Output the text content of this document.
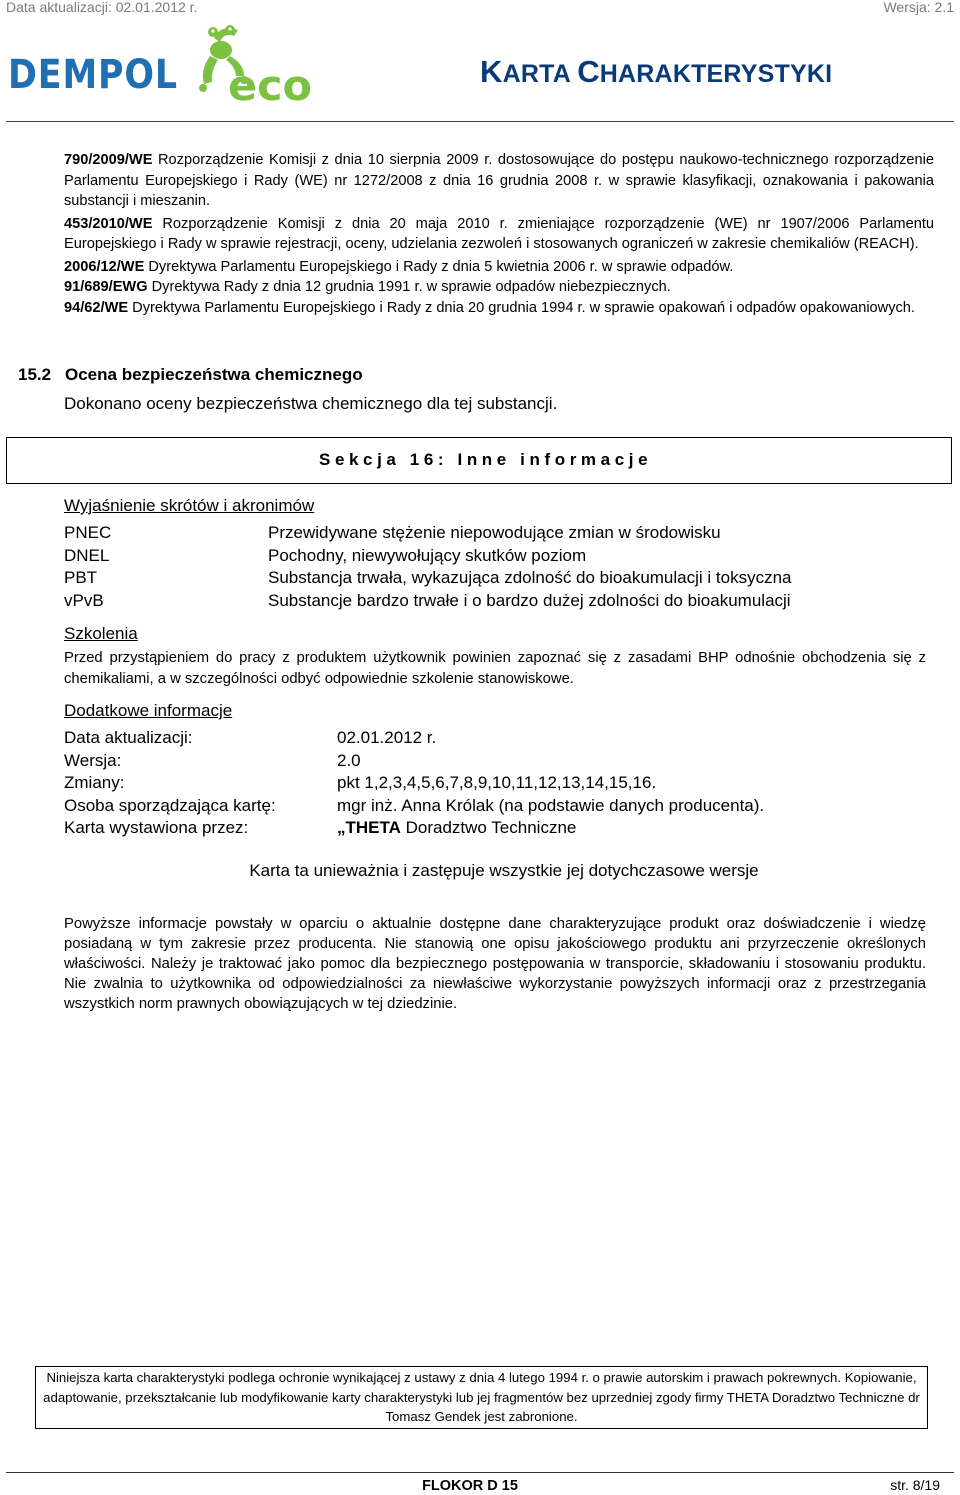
Data aktualizacji: 02.01.2012 r.	Wersja: 2.1
DEMPOL eco	KARTA CHARAKTERYSTYKI

790/2009/WE Rozporządzenie Komisji z dnia 10 sierpnia 2009 r. dostosowujące do postępu naukowo-technicznego rozporządzenie Parlamentu Europejskiego i Rady (WE) nr 1272/2008 z dnia 16 grudnia 2008 r. w sprawie klasyfikacji, oznakowania i pakowania substancji i mieszanin.

453/2010/WE Rozporządzenie Komisji z dnia 20 maja 2010 r. zmieniające rozporządzenie (WE) nr 1907/2006 Parlamentu Europejskiego i Rady w sprawie rejestracji, oceny, udzielania zezwoleń i stosowanych ograniczeń w zakresie chemikaliów (REACH).

2006/12/WE Dyrektywa Parlamentu Europejskiego i Rady z dnia 5 kwietnia 2006 r. w sprawie odpadów.

91/689/EWG Dyrektywa Rady z dnia 12 grudnia 1991 r. w sprawie odpadów niebezpiecznych.

94/62/WE Dyrektywa Parlamentu Europejskiego i Rady z dnia 20 grudnia 1994 r. w sprawie opakowań i odpadów opakowaniowych.

15.2 Ocena bezpieczeństwa chemicznego
Dokonano oceny bezpieczeństwa chemicznego dla tej substancji.
Sekcja 16: Inne informacje
Wyjaśnienie skrótów i akronimów
PNEC	Przewidywane stężenie niepowodujące zmian w środowisku
DNEL	Pochodny, niewywołujący skutków poziom
PBT	Substancja trwała, wykazująca zdolność do bioakumulacji i toksyczna
vPvB	Substancje bardzo trwałe i o bardzo dużej zdolności do bioakumulacji
Szkolenia
Przed przystąpieniem do pracy z produktem użytkownik powinien zapoznać się z zasadami BHP odnośnie obchodzenia się z chemikaliami, a w szczególności odbyć odpowiednie szkolenie stanowiskowe.
Dodatkowe informacje
Data aktualizacji:	02.01.2012 r.
Wersja:	2.0
Zmiany:	pkt 1,2,3,4,5,6,7,8,9,10,11,12,13,14,15,16.
Osoba sporządzająca kartę:	mgr inż. Anna Królak (na podstawie danych producenta).
Karta wystawiona przez:	„THETA Doradztwo Techniczne
Karta ta unieważnia i zastępuje wszystkie jej dotychczasowe wersje
Powyższe informacje powstały w oparciu o aktualnie dostępne dane charakteryzujące produkt oraz doświadczenie i wiedzę posiadaną w tym zakresie przez producenta. Nie stanowią one opisu jakościowego produktu ani przyrzeczenie określonych właściwości. Należy je traktować jako pomoc dla bezpiecznego postępowania w transporcie, składowaniu i stosowaniu produktu. Nie zwalnia to użytkownika od odpowiedzialności za niewłaściwe wykorzystanie powyższych informacji oraz z przestrzegania wszystkich norm prawnych obowiązujących w tej dziedzinie.
Niniejsza karta charakterystyki podlega ochronie wynikającej z ustawy z dnia 4 lutego 1994 r. o prawie autorskim i prawach pokrewnych. Kopiowanie, adaptowanie, przekształcanie lub modyfikowanie karty charakterystyki lub jej fragmentów bez uprzedniej zgody firmy THETA Doradztwo Techniczne dr Tomasz Gendek jest zabronione.
FLOKOR D 15	str. 8/19
